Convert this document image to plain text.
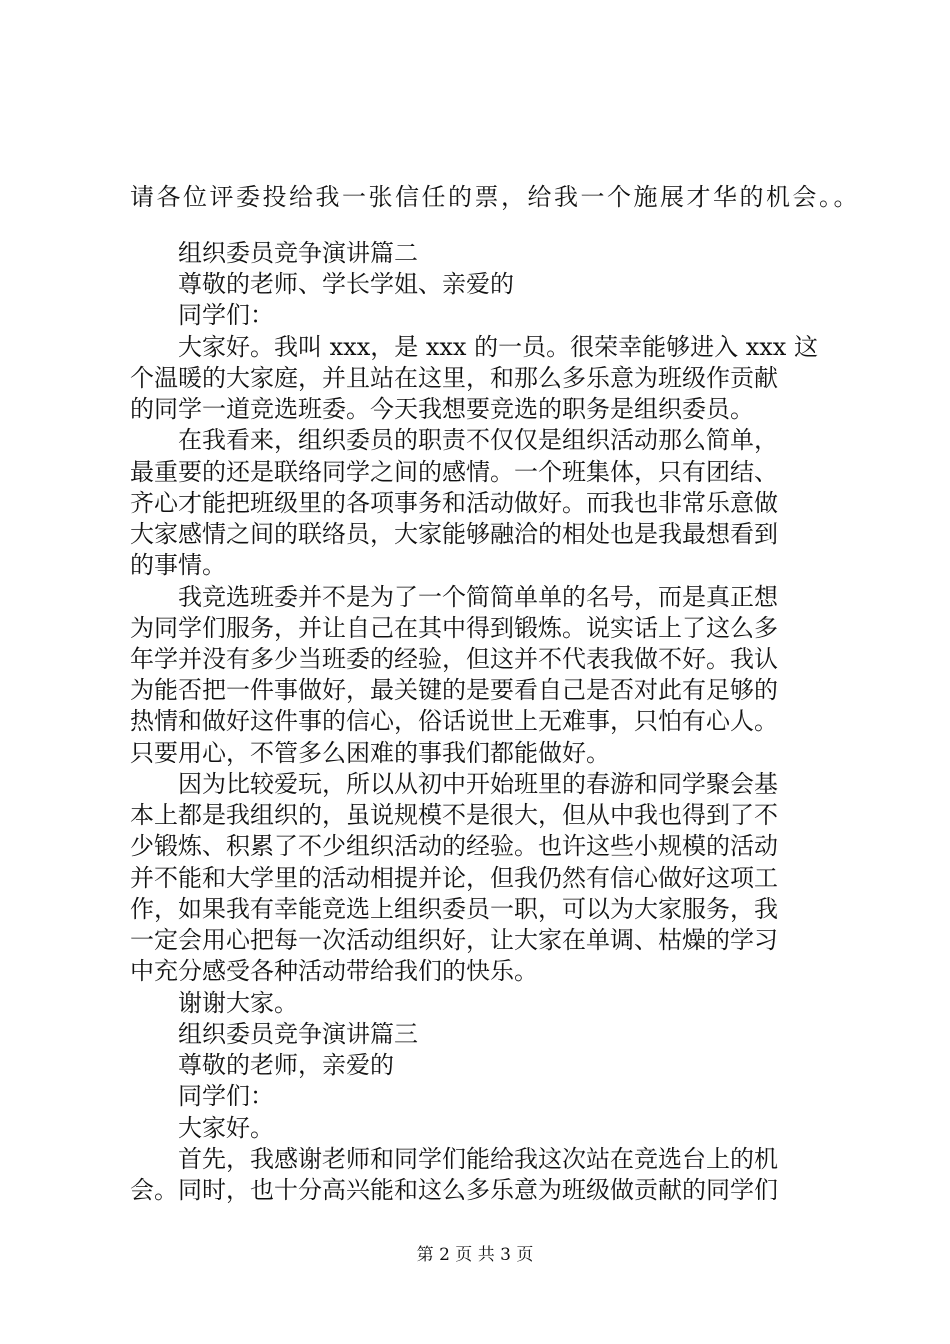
请各位评委投给我一张信任的票，给我一个施展才华的机会。。
组织委员竞争演讲篇二
尊敬的老师、学长学姐、亲爱的
同学们：
大家好。我叫 xxx，是 xxx 的一员。很荣幸能够进入 xxx 这
个温暖的大家庭，并且站在这里，和那么多乐意为班级作贡献
的同学一道竞选班委。今天我想要竞选的职务是组织委员。
在我看来，组织委员的职责不仅仅是组织活动那么简单，
最重要的还是联络同学之间的感情。一个班集体，只有团结、
齐心才能把班级里的各项事务和活动做好。而我也非常乐意做
大家感情之间的联络员，大家能够融洽的相处也是我最想看到
的事情。
我竞选班委并不是为了一个简简单单的名号，而是真正想
为同学们服务，并让自己在其中得到锻炼。说实话上了这么多
年学并没有多少当班委的经验，但这并不代表我做不好。我认
为能否把一件事做好，最关键的是要看自己是否对此有足够的
热情和做好这件事的信心，俗话说世上无难事，只怕有心人。
只要用心，不管多么困难的事我们都能做好。
因为比较爱玩，所以从初中开始班里的春游和同学聚会基
本上都是我组织的，虽说规模不是很大，但从中我也得到了不
少锻炼、积累了不少组织活动的经验。也许这些小规模的活动
并不能和大学里的活动相提并论，但我仍然有信心做好这项工
作，如果我有幸能竞选上组织委员一职，可以为大家服务，我
一定会用心把每一次活动组织好，让大家在单调、枯燥的学习
中充分感受各种活动带给我们的快乐。
谢谢大家。
组织委员竞争演讲篇三
尊敬的老师，亲爱的
同学们：
大家好。
首先，我感谢老师和同学们能给我这次站在竞选台上的机
会。同时，也十分高兴能和这么多乐意为班级做贡献的同学们
第 2 页 共 3 页
